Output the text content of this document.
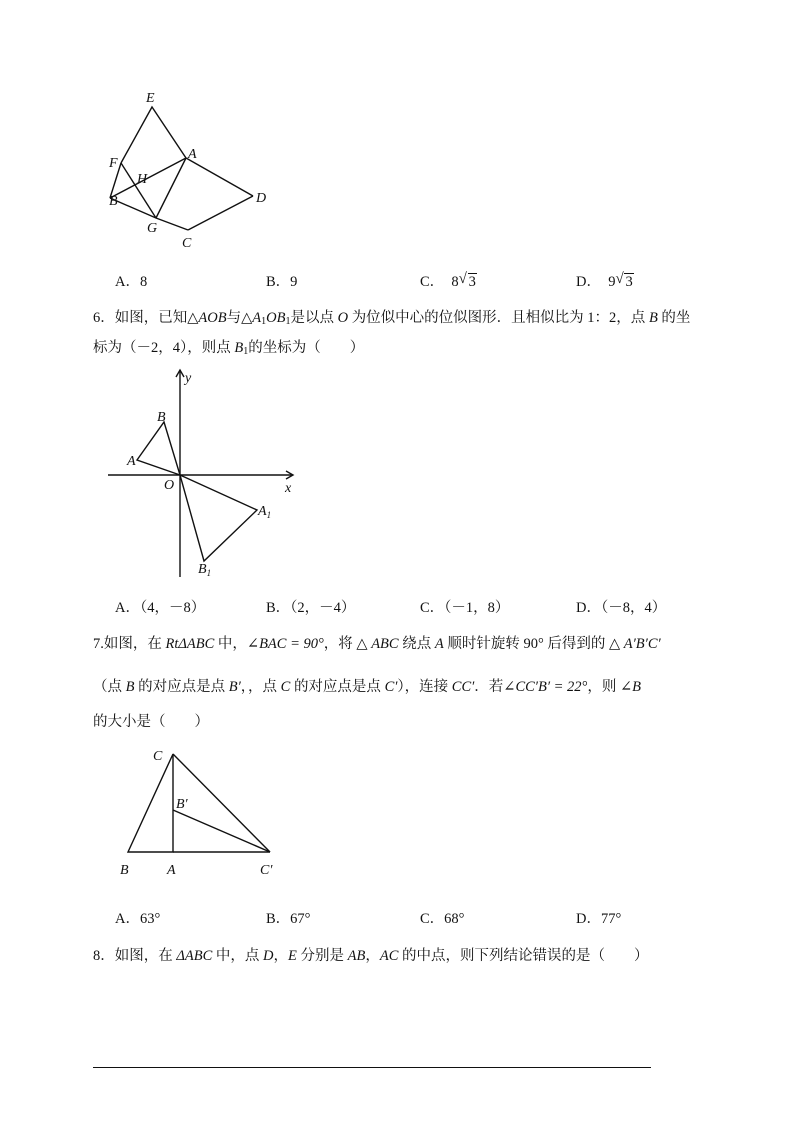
E
F
A
H
B	D
G
C
A．8	B．9	C． 8 √ 3	D． 9 √ 3
6．如图，已知△AOB与$\triangle A_1OB_1$是以点 O 为位似中心的位似图形．且相似比为 1：2，点 B 的坐
标为（－2，4），则点 $B_1$的坐标为（　　）
y
x
B
A
O
$A_1$
$B_1$
A．（4，－8）	B．（2，－4）	C．（－1，8）	D．（－8，4）
7.如图，在 RtΔABC 中，∠BAC = 90°，将 △ ABC 绕点 A 顺时针旋转 90° 后得到的 △ A′B′C′
（点 B 的对应点是点 B′，，点 C 的对应点是点 C′），连接 CC′．若∠CC′B′ = 22°，则 ∠B
的大小是（　　）
C
B′
B	A	C′
A．63°	B．67°	C．68°	D．77°
8．如图，在 ΔABC 中，点 D，E 分别是 AB，AC 的中点，则下列结论错误的是（　　）
